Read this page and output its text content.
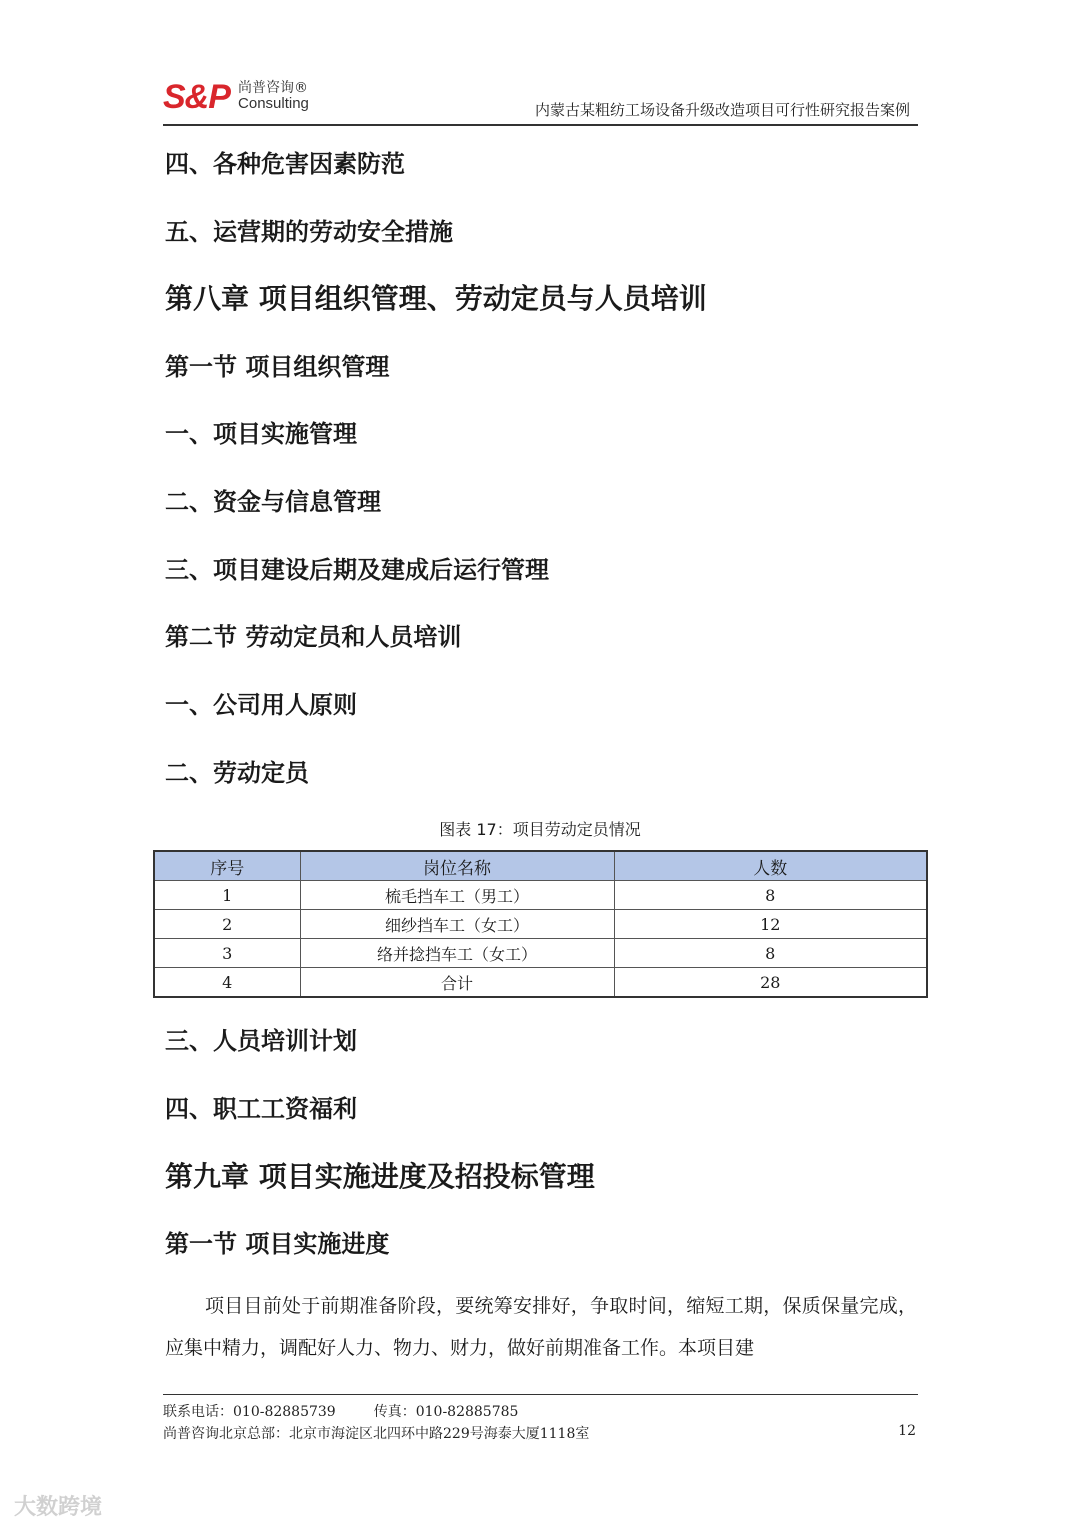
S&P 尚普咨询®
Consulting	内蒙古某粗纺工场设备升级改造项目可行性研究报告案例
四、各种危害因素防范
五、运营期的劳动安全措施
第八章 项目组织管理、劳动定员与人员培训
第一节 项目组织管理
一、项目实施管理
二、资金与信息管理
三、项目建设后期及建成后运行管理
第二节 劳动定员和人员培训
一、公司用人原则
二、劳动定员
图表 17：项目劳动定员情况
序号	岗位名称	人数
1	梳毛挡车工（男工）	8
2	细纱挡车工（女工）	12
3	络并捻挡车工（女工）	8
4	合计	28
三、人员培训计划
四、职工工资福利
第九章 项目实施进度及招投标管理
第一节 项目实施进度
项目目前处于前期准备阶段，要统筹安排好，争取时间，缩短工期，保质保量完成，应集中精力，调配好人力、物力、财力，做好前期准备工作。本项目建
联系电话：010-82885739	传真：010-82885785
尚普咨询北京总部：北京市海淀区北四环中路229号海泰大厦1118室	12
大数跨境
